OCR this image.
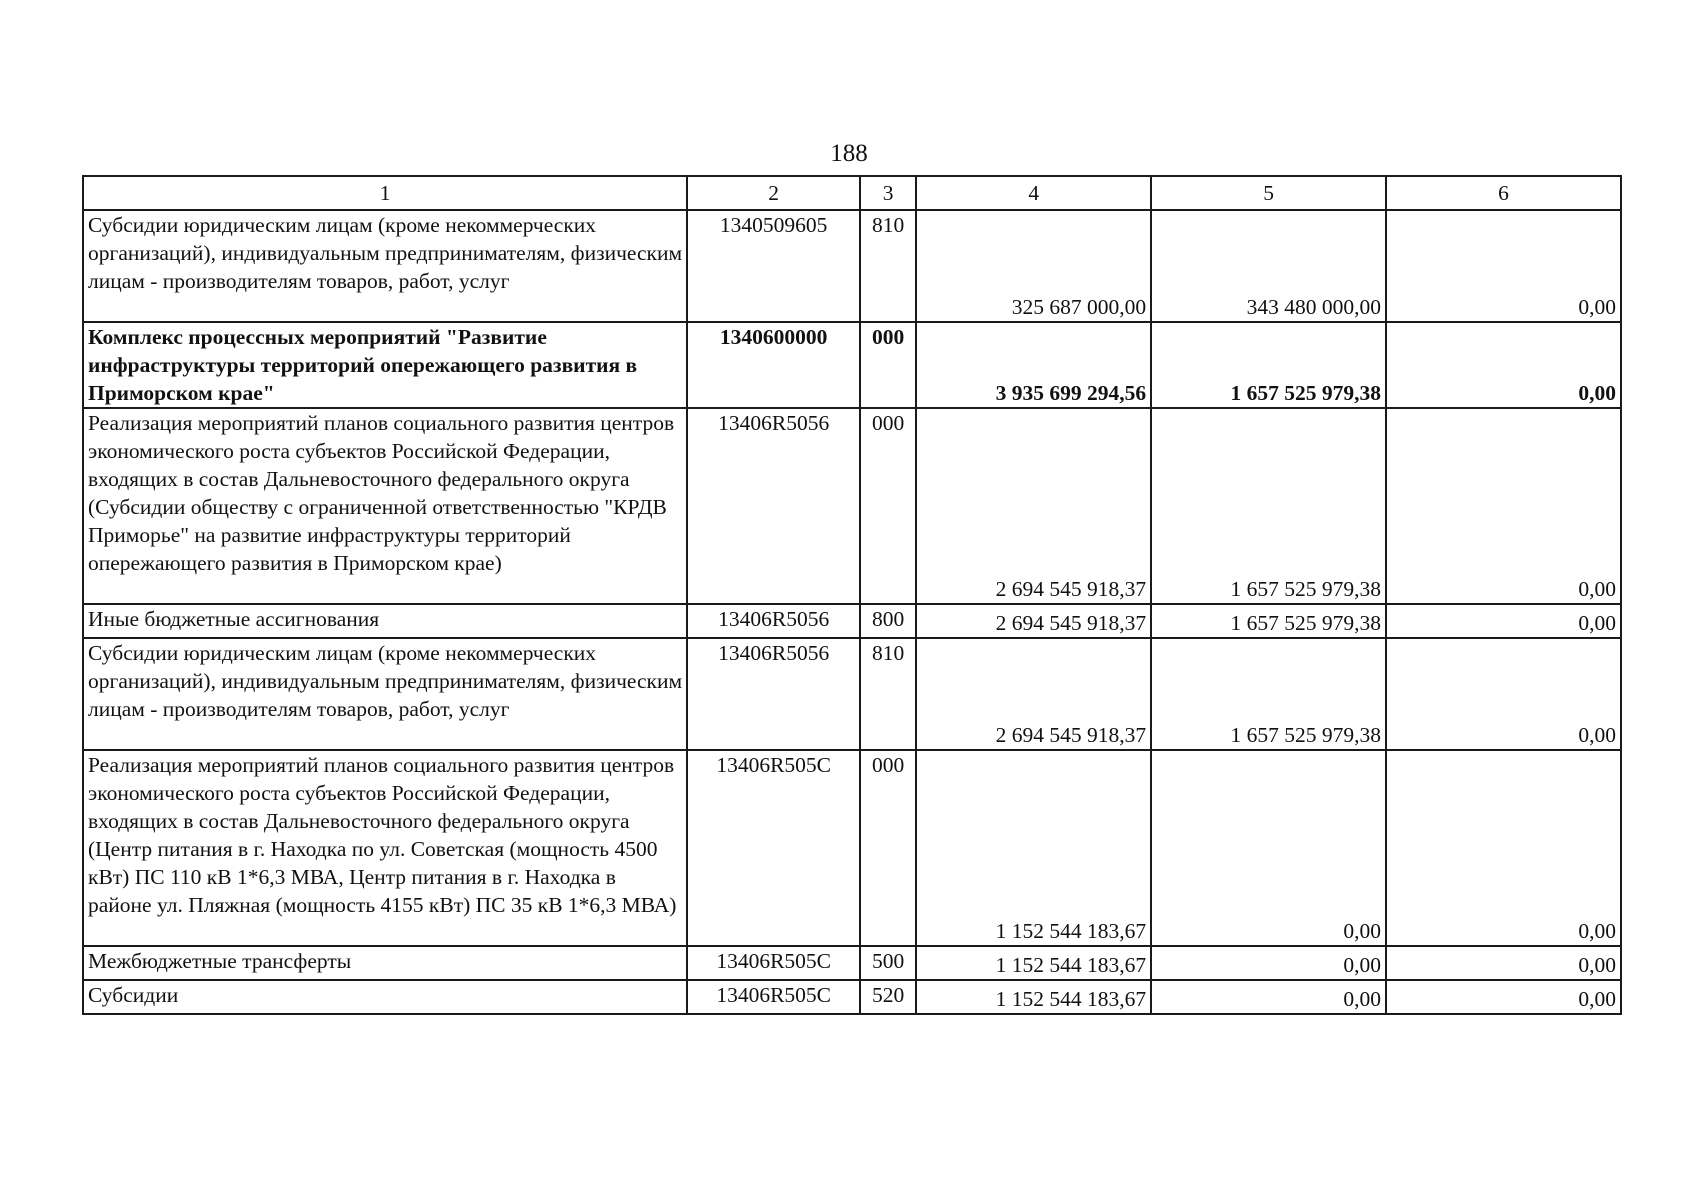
188
1	2	3	4	5	6
Субсидии юридическим лицам (кроме некоммерческих организаций), индивидуальным предпринимателям, физическим лицам - производителям товаров, работ, услуг	1340509605	810	325 687 000,00	343 480 000,00	0,00
Комплекс процессных мероприятий "Развитие инфраструктуры территорий опережающего развития в Приморском крае"	1340600000	000	3 935 699 294,56	1 657 525 979,38	0,00
Реализация мероприятий планов социального развития центров экономического роста субъектов Российской Федерации, входящих в состав Дальневосточного федерального округа (Субсидии обществу с ограниченной ответственностью "КРДВ Приморье" на развитие инфраструктуры территорий опережающего развития в Приморском крае)	13406R5056	000	2 694 545 918,37	1 657 525 979,38	0,00
Иные бюджетные ассигнования	13406R5056	800	2 694 545 918,37	1 657 525 979,38	0,00
Субсидии юридическим лицам (кроме некоммерческих организаций), индивидуальным предпринимателям, физическим лицам - производителям товаров, работ, услуг	13406R5056	810	2 694 545 918,37	1 657 525 979,38	0,00
Реализация мероприятий планов социального развития центров экономического роста субъектов Российской Федерации, входящих в состав Дальневосточного федерального округа (Центр питания в г. Находка по ул. Советская (мощность 4500 кВт) ПС 110 кВ 1*6,3 МВА, Центр питания в г. Находка в районе ул. Пляжная (мощность 4155 кВт) ПС 35 кВ 1*6,3 МВА)	13406R505C	000	1 152 544 183,67	0,00	0,00
Межбюджетные трансферты	13406R505C	500	1 152 544 183,67	0,00	0,00
Субсидии	13406R505C	520	1 152 544 183,67	0,00	0,00
